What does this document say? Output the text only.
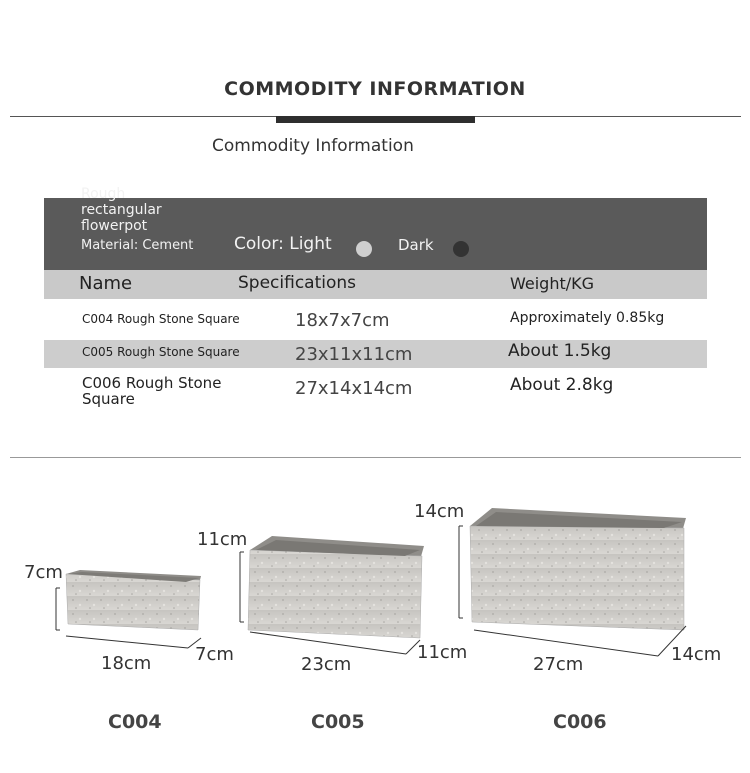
COMMODITY INFORMATION
Commodity Information
Rough rectangular flowerpot
Material: Cement Color: Light	Dark
Name	Specifications	Weight/KG
C004 Rough Stone Square	18x7x7cm	Approximately 0.85kg
C005 Rough Stone Square	23x11x11cm	About 1.5kg
C006 Rough Stone Square	27x14x14cm	About 2.8kg
7cm
18cm 7cm
11cm
23cm
11cm
14cm
27cm	14cm
C004	C005	C006
